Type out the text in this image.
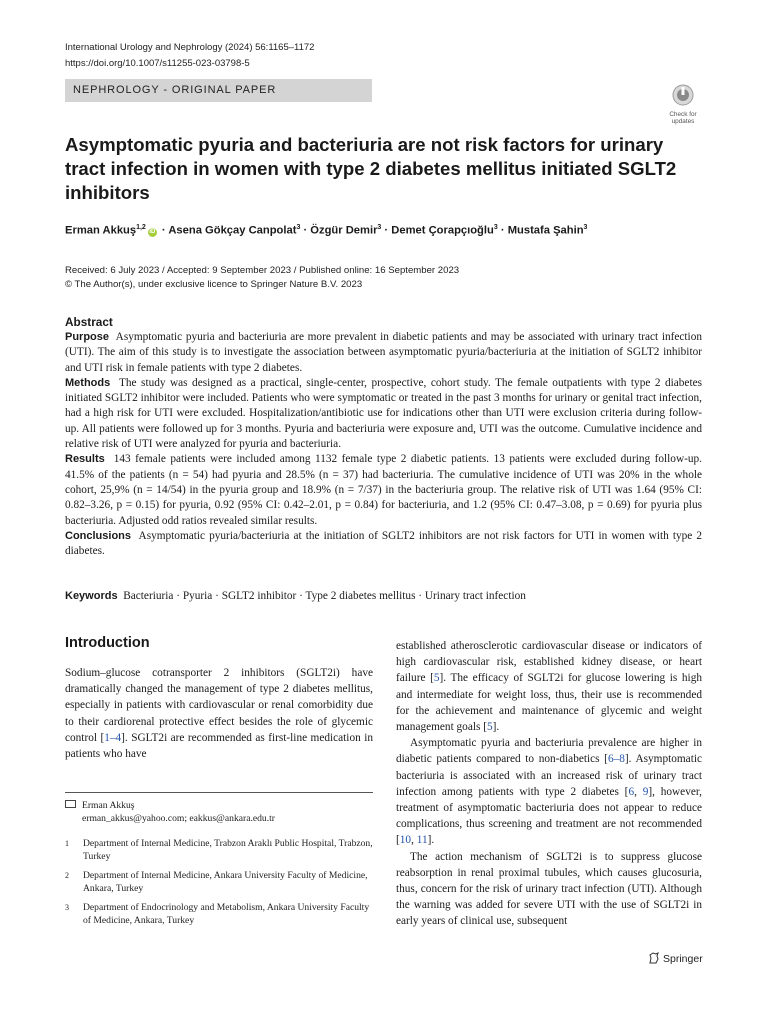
International Urology and Nephrology (2024) 56:1165–1172
https://doi.org/10.1007/s11255-023-03798-5
NEPHROLOGY - ORIGINAL PAPER
Check for
updates
Asymptomatic pyuria and bacteriuria are not risk factors for urinary tract infection in women with type 2 diabetes mellitus initiated SGLT2 inhibitors
Erman Akkuş$^{1,2}$iD · Asena Gökçay Canpolat$^3$ · Özgür Demir$^3$ · Demet Çorapçıoğlu$^3$ · Mustafa Şahin$^3$
Received: 6 July 2023 / Accepted: 9 September 2023 / Published online: 16 September 2023
© The Author(s), under exclusive licence to Springer Nature B.V. 2023
Abstract

Purpose Asymptomatic pyuria and bacteriuria are more prevalent in diabetic patients and may be associated with urinary tract infection (UTI). The aim of this study is to investigate the association between asymptomatic pyuria/bacteriuria at the initiation of SGLT2 inhibitor and UTI risk in female patients with type 2 diabetes.

Methods The study was designed as a practical, single-center, prospective, cohort study. The female outpatients with type 2 diabetes initiated SGLT2 inhibitor were included. Patients who were symptomatic or treated in the past 3 months for urinary or genital tract infection, had a high risk for UTI were excluded. Hospitalization/antibiotic use for indications other than UTI were exclusion criteria during follow-up. All patients were followed up for 3 months. Pyuria and bacteriuria were exposure and, UTI was the outcome. Cumulative incidence and relative risk of UTI were analyzed for pyuria and bacteriuria.

Results 143 female patients were included among 1132 female type 2 diabetic patients. 13 patients were excluded during follow-up. 41.5% of the patients (n = 54) had pyuria and 28.5% (n = 37) had bacteriuria. The cumulative incidence of UTI was 20% in the whole cohort, 25,9% (n = 14/54) in the pyuria group and 18.9% (n = 7/37) in the bacteriuria group. The relative risk of UTI was 1.64 (95% CI: 0.82–3.26, p = 0.15) for pyuria, 0.92 (95% CI: 0.42–2.01, p = 0.84) for bacteriuria, and 1.2 (95% CI: 0.47–3.08, p = 0.69) for pyuria plus bacteriuria. Adjusted odd ratios revealed similar results.

Conclusions Asymptomatic pyuria/bacteriuria at the initiation of SGLT2 inhibitors are not risk factors for UTI in women with type 2 diabetes.

Keywords Bacteriuria · Pyuria · SGLT2 inhibitor · Type 2 diabetes mellitus · Urinary tract infection
Introduction

Sodium–glucose cotransporter 2 inhibitors (SGLT2i) have dramatically changed the management of type 2 diabetes mellitus, especially in patients with cardiovascular or renal comorbidity due to their cardiorenal protective effect besides the role of glycemic control [1–4]. SGLT2i are recommended as first-line medication in patients who have

established atherosclerotic cardiovascular disease or indicators of high cardiovascular risk, established kidney disease, or heart failure [5]. The efficacy of SGLT2i for glucose lowering is high and intermediate for weight loss, thus, their use is recommended for the achievement and maintenance of glycemic and weight management goals [5].

Asymptomatic pyuria and bacteriuria prevalence are higher in diabetic patients compared to non-diabetics [6–8]. Asymptomatic bacteriuria is associated with an increased risk of urinary tract infection among patients with type 2 diabetes [6, 9], however, treatment of asymptomatic bacteriuria does not appear to reduce complications, thus screening and treatment are not recommended [10, 11].

The action mechanism of SGLT2i is to suppress glucose reabsorption in renal proximal tubules, which causes glucosuria, thus, concern for the risk of urinary tract infection (UTI). Although the warning was added for severe UTI with the use of SGLT2i in early years of clinical use, subsequent

Erman Akkuş
erman_akkus@yahoo.com; eakkus@ankara.edu.tr
1 Department of Internal Medicine, Trabzon Araklı Public Hospital, Trabzon, Turkey
2 Department of Internal Medicine, Ankara University Faculty of Medicine, Ankara, Turkey
3 Department of Endocrinology and Metabolism, Ankara University Faculty of Medicine, Ankara, Turkey
Springer
